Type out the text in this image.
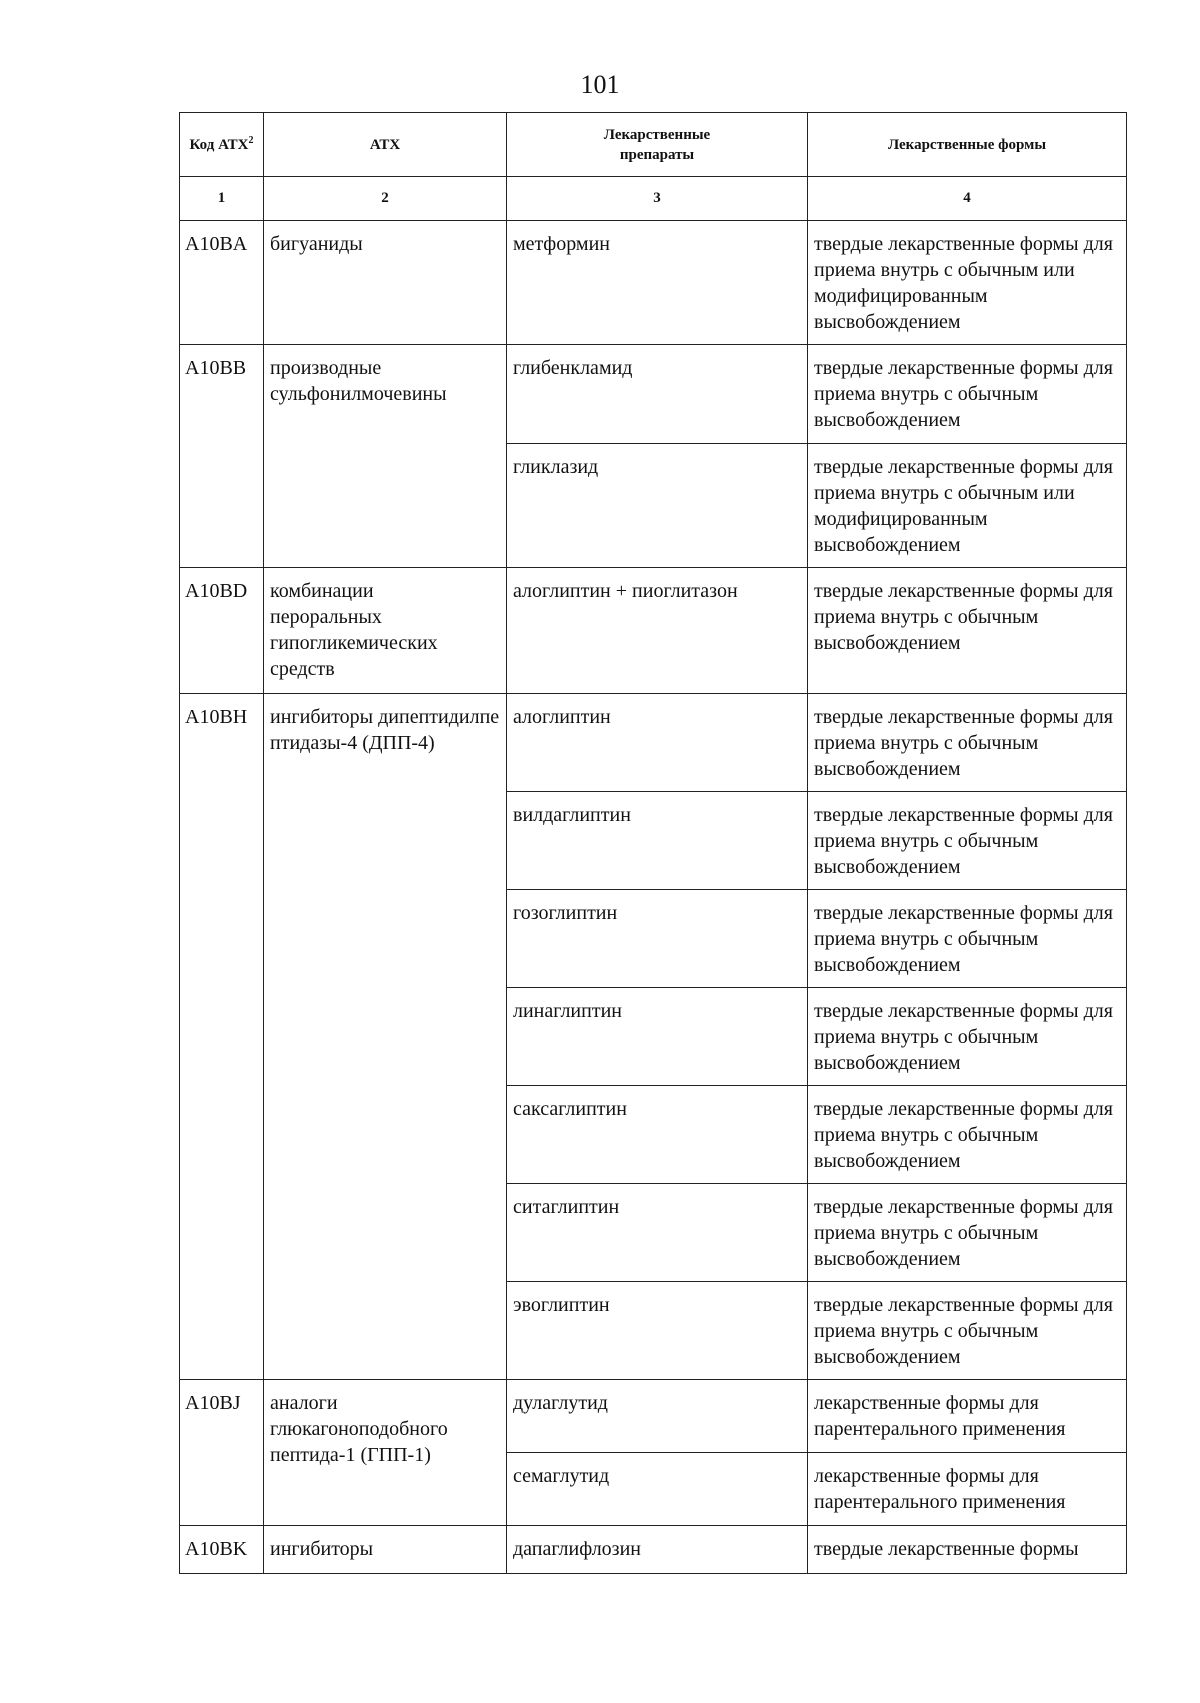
101
Код АТХ$^2$	АТХ	Лекарственные препараты	Лекарственные формы
1	2	3	4

A10BA	бигуаниды	метформин	твердые лекарственные формы для приема внутрь с обычным или модифицированным высвобождением

A10BB	производные сульфонилмочевины	глибенкламид	твердые лекарственные формы для приема внутрь с обычным высвобождением

		гликлазид	твердые лекарственные формы для приема внутрь с обычным или модифицированным высвобождением

A10BD	комбинации пероральных гипогликемических средств	алоглиптин + пиоглитазон	твердые лекарственные формы для приема внутрь с обычным высвобождением

A10BH	ингибиторы дипептидилпептидазы-4 (ДПП-4)	алоглиптин	твердые лекарственные формы для приема внутрь с обычным высвобождением

		вилдаглиптин	твердые лекарственные формы для приема внутрь с обычным высвобождением

		гозоглиптин	твердые лекарственные формы для приема внутрь с обычным высвобождением

		линаглиптин	твердые лекарственные формы для приема внутрь с обычным высвобождением

		саксаглиптин	твердые лекарственные формы для приема внутрь с обычным высвобождением

		ситаглиптин	твердые лекарственные формы для приема внутрь с обычным высвобождением

		эвоглиптин	твердые лекарственные формы для приема внутрь с обычным высвобождением

A10BJ	аналоги глюкагоноподобного пептида-1 (ГПП-1)	дулаглутид	лекарственные формы для парентерального применения

		семаглутид	лекарственные формы для парентерального применения

A10BK	ингибиторы	дапаглифлозин	твердые лекарственные формы
